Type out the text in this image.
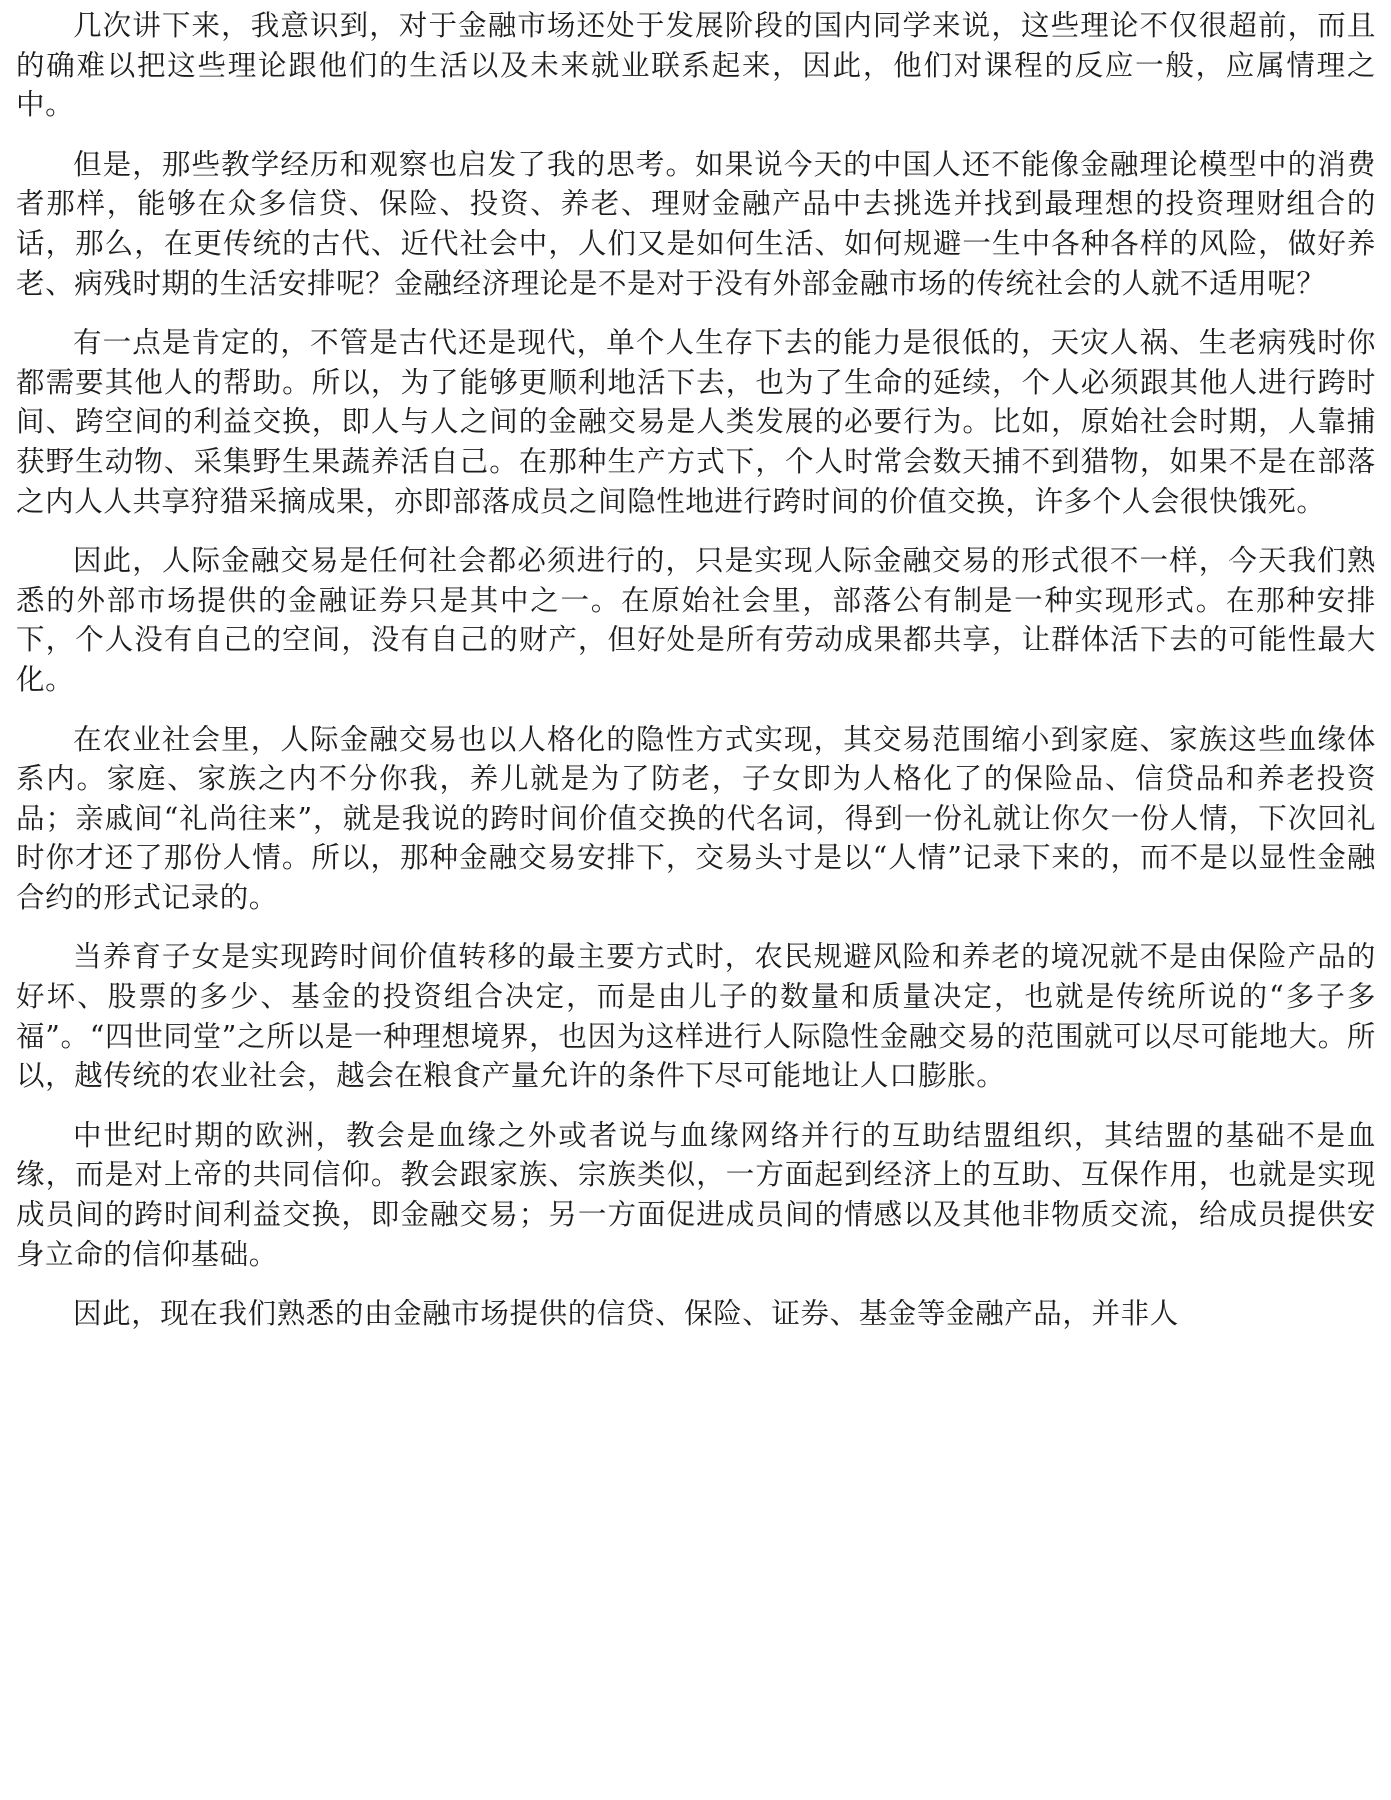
几次讲下来，我意识到，对于金融市场还处于发展阶段的国内同学来说，这些理论不仅很超前，而且的确难以把这些理论跟他们的生活以及未来就业联系起来，因此，他们对课程的反应一般，应属情理之中。

但是，那些教学经历和观察也启发了我的思考。如果说今天的中国人还不能像金融理论模型中的消费者那样，能够在众多信贷、保险、投资、养老、理财金融产品中去挑选并找到最理想的投资理财组合的话，那么，在更传统的古代、近代社会中，人们又是如何生活、如何规避一生中各种各样的风险，做好养老、病残时期的生活安排呢？金融经济理论是不是对于没有外部金融市场的传统社会的人就不适用呢？

有一点是肯定的，不管是古代还是现代，单个人生存下去的能力是很低的，天灾人祸、生老病残时你都需要其他人的帮助。所以，为了能够更顺利地活下去，也为了生命的延续，个人必须跟其他人进行跨时间、跨空间的利益交换，即人与人之间的金融交易是人类发展的必要行为。比如，原始社会时期，人靠捕获野生动物、采集野生果蔬养活自己。在那种生产方式下，个人时常会数天捕不到猎物，如果不是在部落之内人人共享狩猎采摘成果，亦即部落成员之间隐性地进行跨时间的价值交换，许多个人会很快饿死。

因此，人际金融交易是任何社会都必须进行的，只是实现人际金融交易的形式很不一样，今天我们熟悉的外部市场提供的金融证券只是其中之一。在原始社会里，部落公有制是一种实现形式。在那种安排下，个人没有自己的空间，没有自己的财产，但好处是所有劳动成果都共享，让群体活下去的可能性最大化。

在农业社会里，人际金融交易也以人格化的隐性方式实现，其交易范围缩小到家庭、家族这些血缘体系内。家庭、家族之内不分你我，养儿就是为了防老，子女即为人格化了的保险品、信贷品和养老投资品；亲戚间“礼尚往来”，就是我说的跨时间价值交换的代名词，得到一份礼就让你欠一份人情，下次回礼时你才还了那份人情。所以，那种金融交易安排下，交易头寸是以“人情”记录下来的，而不是以显性金融合约的形式记录的。

当养育子女是实现跨时间价值转移的最主要方式时，农民规避风险和养老的境况就不是由保险产品的好坏、股票的多少、基金的投资组合决定，而是由儿子的数量和质量决定，也就是传统所说的“多子多福”。“四世同堂”之所以是一种理想境界，也因为这样进行人际隐性金融交易的范围就可以尽可能地大。所以，越传统的农业社会，越会在粮食产量允许的条件下尽可能地让人口膨胀。

中世纪时期的欧洲，教会是血缘之外或者说与血缘网络并行的互助结盟组织，其结盟的基础不是血缘，而是对上帝的共同信仰。教会跟家族、宗族类似，一方面起到经济上的互助、互保作用，也就是实现成员间的跨时间利益交换，即金融交易；另一方面促进成员间的情感以及其他非物质交流，给成员提供安身立命的信仰基础。

因此，现在我们熟悉的由金融市场提供的信贷、保险、证券、基金等金融产品，并非人
